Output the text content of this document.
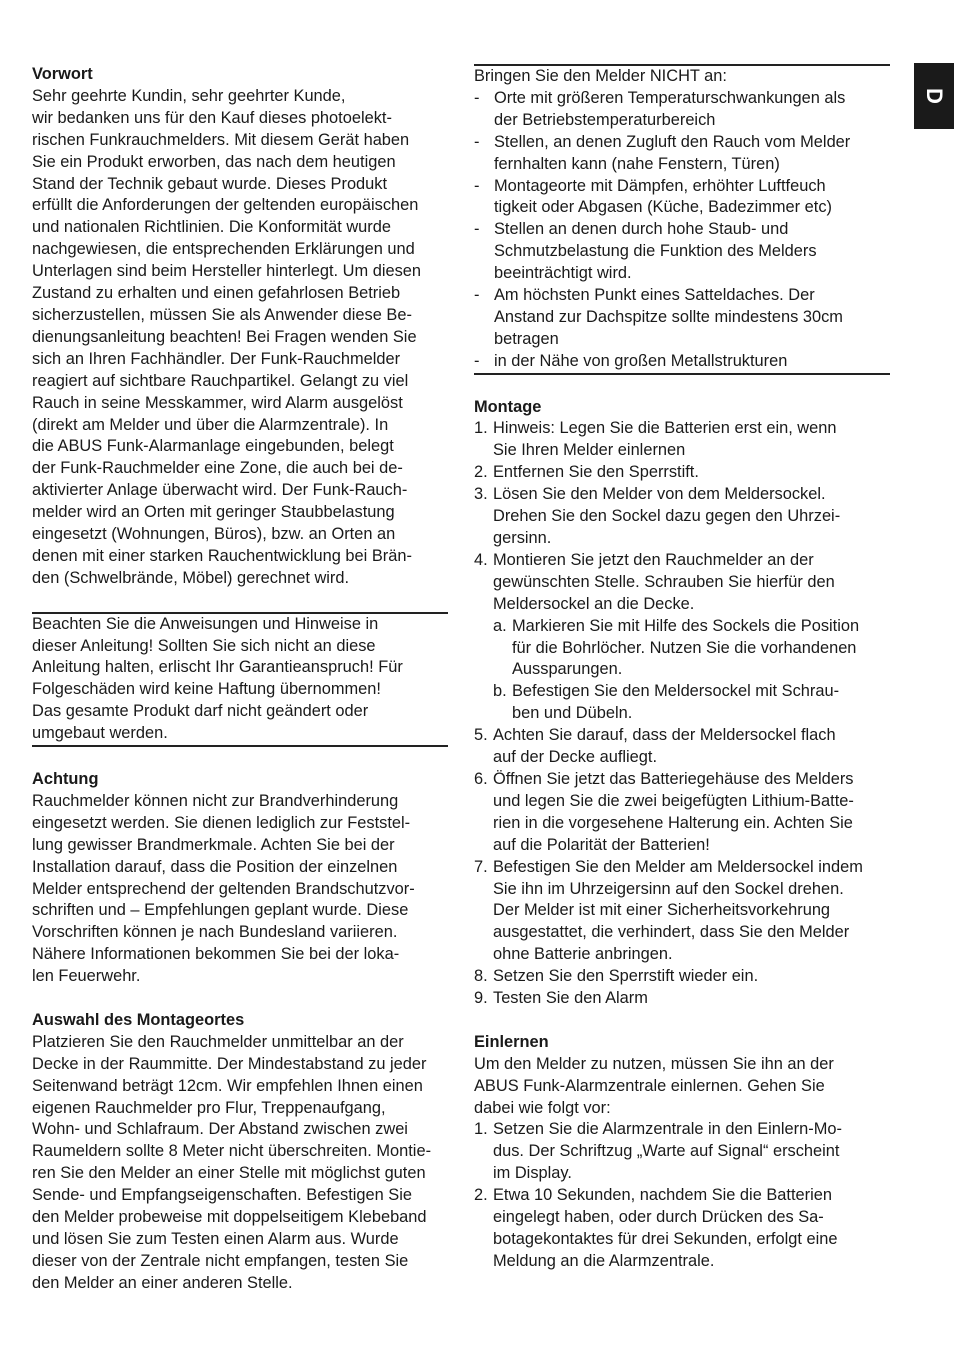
D
Vorwort

Sehr geehrte Kundin, sehr geehrter Kunde,
wir bedanken uns für den Kauf dieses photoelekt-
rischen Funkrauchmelders. Mit diesem Gerät haben
Sie ein Produkt erworben, das nach dem heutigen
Stand der Technik gebaut wurde. Dieses Produkt
erfüllt die Anforderungen der geltenden europäischen
und nationalen Richtlinien. Die Konformität wurde
nachgewiesen, die entsprechenden Erklärungen und
Unterlagen sind beim Hersteller hinterlegt. Um diesen
Zustand zu erhalten und einen gefahrlosen Betrieb
sicherzustellen, müssen Sie als Anwender diese Be-
dienungsanleitung beachten! Bei Fragen wenden Sie
sich an Ihren Fachhändler. Der Funk-Rauchmelder
reagiert auf sichtbare Rauchpartikel. Gelangt zu viel
Rauch in seine Messkammer, wird Alarm ausgelöst
(direkt am Melder und über die Alarmzentrale). In
die ABUS Funk-Alarmanlage eingebunden, belegt
der Funk-Rauchmelder eine Zone, die auch bei de-
aktivierter Anlage überwacht wird. Der Funk-Rauch-
melder wird an Orten mit geringer Staubbelastung
eingesetzt (Wohnungen, Büros), bzw. an Orten an
denen mit einer starken Rauchentwicklung bei Brän-
den (Schwelbrände, Möbel) gerechnet wird.

Beachten Sie die Anweisungen und Hinweise in
dieser Anleitung! Sollten Sie sich nicht an diese
Anleitung halten, erlischt Ihr Garantieanspruch! Für
Folgeschäden wird keine Haftung übernommen!
Das gesamte Produkt darf nicht geändert oder
umgebaut werden.

Achtung

Rauchmelder können nicht zur Brandverhinderung
eingesetzt werden. Sie dienen lediglich zur Feststel-
lung gewisser Brandmerkmale. Achten Sie bei der
Installation darauf, dass die Position der einzelnen
Melder entsprechend der geltenden Brandschutzvor-
schriften und – Empfehlungen geplant wurde. Diese
Vorschriften können je nach Bundesland variieren.
Nähere Informationen bekommen Sie bei der loka-
len Feuerwehr.

Auswahl des Montageortes

Platzieren Sie den Rauchmelder unmittelbar an der
Decke in der Raummitte. Der Mindestabstand zu jeder
Seitenwand beträgt 12cm. Wir empfehlen Ihnen einen
eigenen Rauchmelder pro Flur, Treppenaufgang,
Wohn- und Schlafraum. Der Abstand zwischen zwei
Raumeldern sollte 8 Meter nicht überschreiten. Montie-
ren Sie den Melder an einer Stelle mit möglichst guten
Sende- und Empfangseigenschaften. Befestigen Sie
den Melder probeweise mit doppelseitigem Klebeband
und lösen Sie zum Testen einen Alarm aus. Wurde
dieser von der Zentrale nicht empfangen, testen Sie
den Melder an einer anderen Stelle.

Bringen Sie den Melder NICHT an:

- Orte mit größeren Temperaturschwankungen als
der Betriebstemperaturbereich
- Stellen, an denen Zugluft den Rauch vom Melder
fernhalten kann (nahe Fenstern, Türen)
- Montageorte mit Dämpfen, erhöhter Luftfeuch
tigkeit oder Abgasen (Küche, Badezimmer etc)
- Stellen an denen durch hohe Staub- und
Schmutzbelastung die Funktion des Melders
beeinträchtigt wird.
- Am höchsten Punkt eines Satteldaches. Der
Anstand zur Dachspitze sollte mindestens 30cm
betragen
- in der Nähe von großen Metallstrukturen
Montage
1. Hinweis: Legen Sie die Batterien erst ein, wenn
Sie Ihren Melder einlernen
2. Entfernen Sie den Sperrstift.
3. Lösen Sie den Melder von dem Meldersockel.
Drehen Sie den Sockel dazu gegen den Uhrzei-
gersinn.
4. Montieren Sie jetzt den Rauchmelder an der
gewünschten Stelle. Schrauben Sie hierfür den
Meldersockel an die Decke.
a. Markieren Sie mit Hilfe des Sockels die Position
für die Bohrlöcher. Nutzen Sie die vorhandenen
Aussparungen.
b. Befestigen Sie den Meldersockel mit Schrau-
ben und Dübeln.
5. Achten Sie darauf, dass der Meldersockel flach
auf der Decke aufliegt.
6. Öffnen Sie jetzt das Batteriegehäuse des Melders
und legen Sie die zwei beigefügten Lithium-Batte-
rien in die vorgesehene Halterung ein. Achten Sie
auf die Polarität der Batterien!
7. Befestigen Sie den Melder am Meldersockel indem
Sie ihn im Uhrzeigersinn auf den Sockel drehen.
Der Melder ist mit einer Sicherheitsvorkehrung
ausgestattet, die verhindert, dass Sie den Melder
ohne Batterie anbringen.
8. Setzen Sie den Sperrstift wieder ein.
9. Testen Sie den Alarm
Einlernen

Um den Melder zu nutzen, müssen Sie ihn an der
ABUS Funk-Alarmzentrale einlernen. Gehen Sie
dabei wie folgt vor:

1. Setzen Sie die Alarmzentrale in den Einlern-Mo-
dus. Der Schriftzug „Warte auf Signal“ erscheint
im Display.
2. Etwa 10 Sekunden, nachdem Sie die Batterien
eingelegt haben, oder durch Drücken des Sa-
botagekontaktes für drei Sekunden, erfolgt eine
Meldung an die Alarmzentrale.
